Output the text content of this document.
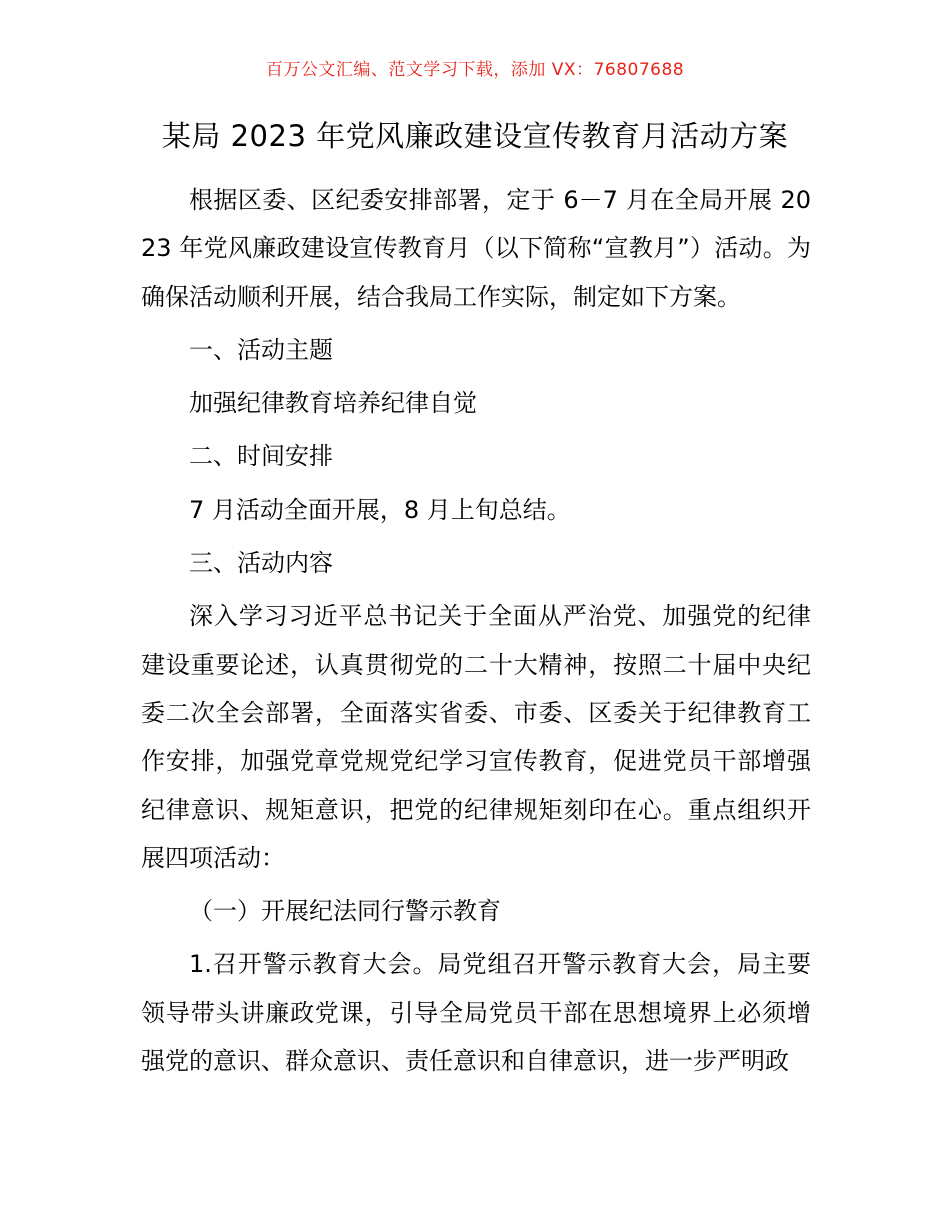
百万公文汇编、范文学习下载，添加 VX：76807688
某局 2023 年党风廉政建设宣传教育月活动方案

根据区委、区纪委安排部署，定于 6－7 月在全局开展 2023 年党风廉政建设宣传教育月（以下简称“宣教月”）活动。为确保活动顺利开展，结合我局工作实际，制定如下方案。

一、活动主题

加强纪律教育培养纪律自觉

二、时间安排

7 月活动全面开展，8 月上旬总结。

三、活动内容

深入学习习近平总书记关于全面从严治党、加强党的纪律建设重要论述，认真贯彻党的二十大精神，按照二十届中央纪委二次全会部署，全面落实省委、市委、区委关于纪律教育工作安排，加强党章党规党纪学习宣传教育，促进党员干部增强纪律意识、规矩意识，把党的纪律规矩刻印在心。重点组织开展四项活动：

（一）开展纪法同行警示教育

1.召开警示教育大会。局党组召开警示教育大会，局主要领导带头讲廉政党课，引导全局党员干部在思想境界上必须增强党的意识、群众意识、责任意识和自律意识，进一步严明政
